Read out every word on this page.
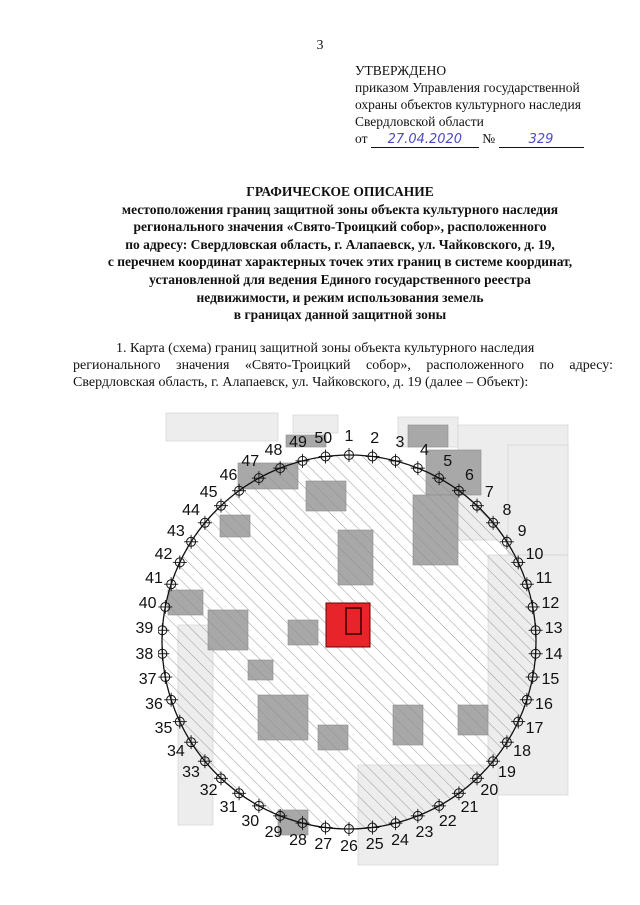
3
УТВЕРЖДЕНО
приказом Управления государственной
охраны объектов культурного наследия
Свердловской области
от 27.04.2020 №	329
ГРАФИЧЕСКОЕ ОПИСАНИЕ
местоположения границ защитной зоны объекта культурного наследия
регионального значения «Свято-Троицкий собор», расположенного
по адресу: Свердловская область, г. Алапаевск, ул. Чайковского, д. 19,
с перечнем координат характерных точек этих границ в системе координат,
установленной для ведения Единого государственного реестра
недвижимости, и режим использования земель
в границах данной защитной зоны
1. Карта (схема) границ защитной зоны объекта культурного наследия
регионального значения «Свято-Троицкий собор», расположенного по адресу:
Свердловская область, г. Алапаевск, ул. Чайковского, д. 19 (далее – Объект):
1 2 3 4
5
6
7
8
9
10
11
12
13
14
15
16
17
18
19
20
21
22
23
24
25
26
27
28
29
30
31
32
33
34
35
36
37
38
39
40
41
42
43
44
45
46
47
48 49 50
